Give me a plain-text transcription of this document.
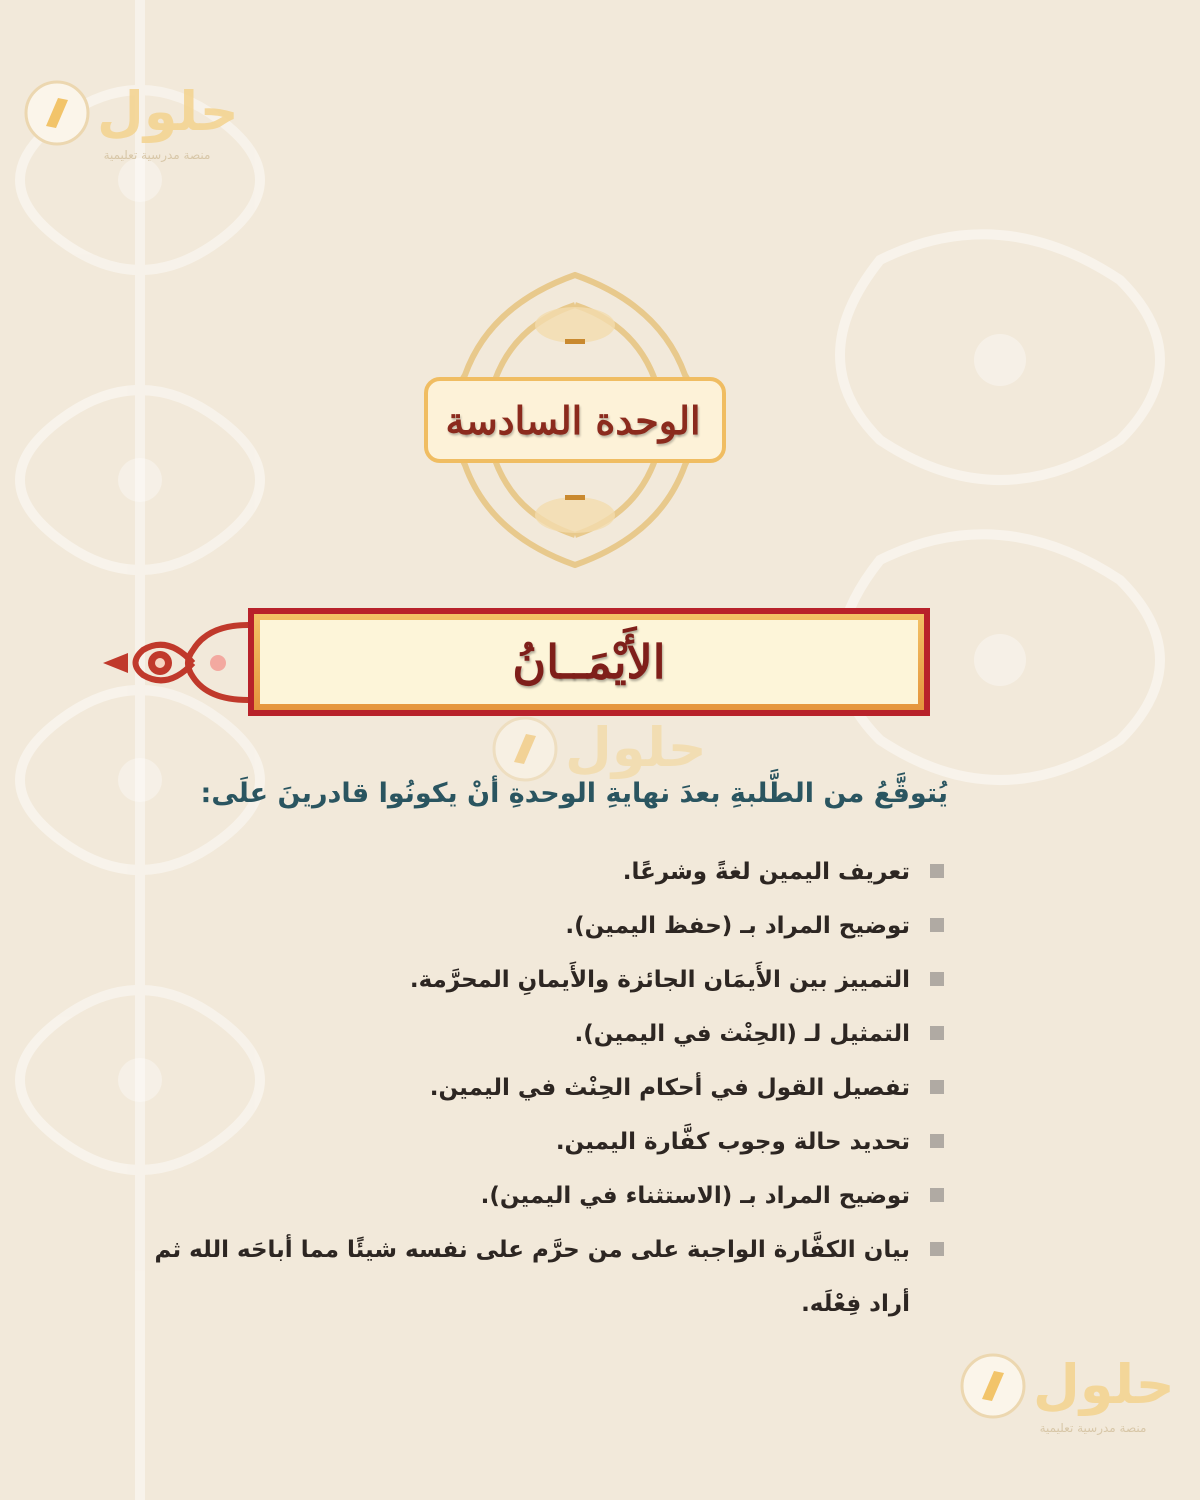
حلول
منصة مدرسية تعليمية
حلول
حلول
منصة مدرسية تعليمية
الوحدة السادسة
الأَيْمَــانُ
يُتوقَّعُ من الطَّلبةِ بعدَ نهايةِ الوحدةِ أنْ يكونُوا قادرينَ علَى:
تعريف اليمين لغةً وشرعًا.
توضيح المراد بـ (حفظ اليمين).
التمييز بين الأَيمَان الجائزة والأَيمانِ المحرَّمة.
التمثيل لـ (الحِنْث في اليمين).
تفصيل القول في أحكام الحِنْث في اليمين.
تحديد حالة وجوب كفَّارة اليمين.
توضيح المراد بـ (الاستثناء في اليمين).
بيان الكفَّارة الواجبة على من حرَّم على نفسه شيئًا مما أباحَه الله ثم أراد فِعْلَه.
